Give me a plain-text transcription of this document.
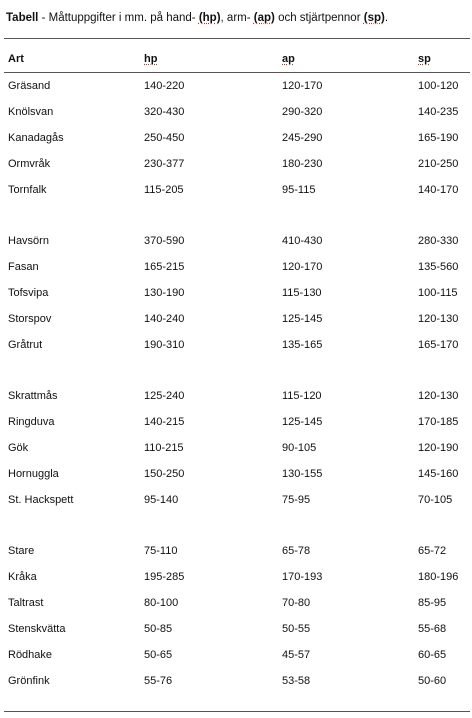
Tabell - Måttuppgifter i mm. på hand- (hp), arm- (ap) och stjärtpennor (sp).
Art	hp	ap	sp
Gräsand	140-220	120-170	100-120
Knölsvan	320-430	290-320	140-235
Kanadagås	250-450	245-290	165-190
Ormvråk	230-377	180-230	210-250
Tornfalk	115-205	95-115	140-170
Havsörn	370-590	410-430	280-330
Fasan	165-215	120-170	135-560
Tofsvipa	130-190	115-130	100-115
Storspov	140-240	125-145	120-130
Gråtrut	190-310	135-165	165-170
Skrattmås	125-240	115-120	120-130
Ringduva	140-215	125-145	170-185
Gök	110-215	90-105	120-190
Hornuggla	150-250	130-155	145-160
St. Hackspett	95-140	75-95	70-105
Stare	75-110	65-78	65-72
Kråka	195-285	170-193	180-196
Taltrast	80-100	70-80	85-95
Stenskvätta	50-85	50-55	55-68
Rödhake	50-65	45-57	60-65
Grönfink	55-76	53-58	50-60
